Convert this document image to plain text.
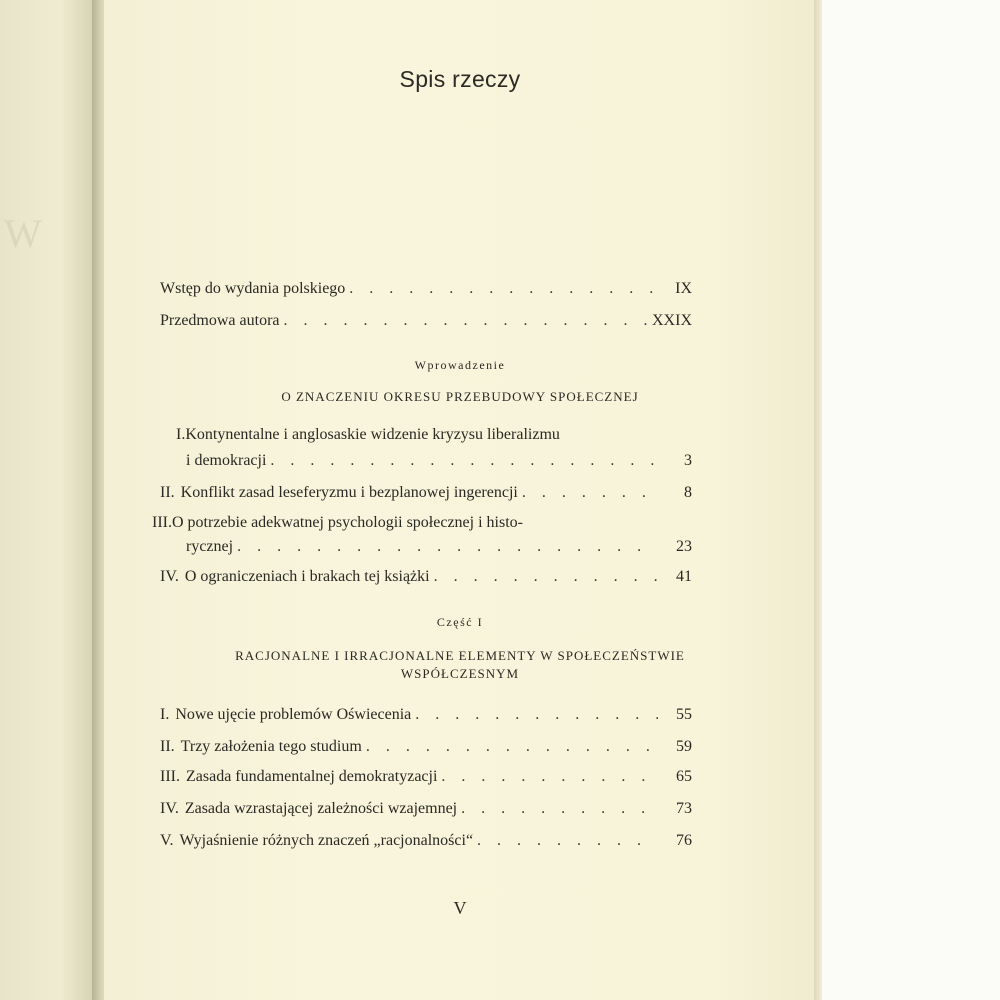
W
Spis rzeczy
Wstęp do wydania polskiego . . .	IX
Przedmowa autora . . .	XXIX
Wprowadzenie
O ZNACZENIU OKRESU PRZEBUDOWY SPOŁECZNEJ
I.Kontynentalne i anglosaskie widzenie kryzysu liberalizmu
i demokracji . . .	3
II. Konflikt zasad leseferyzmu i bezplanowej ingerencji . . .	8
III.O potrzebie adekwatnej psychologii społecznej i histo-
rycznej . . .	23
IV. O ograniczeniach i brakach tej książki . . .	41
Część I
RACJONALNE I IRRACJONALNE ELEMENTY W SPOŁECZEŃSTWIE
WSPÓŁCZESNYM
I. Nowe ujęcie problemów Oświecenia . . .	55
II. Trzy założenia tego studium . . .	59
III. Zasada fundamentalnej demokratyzacji . . .	65
IV. Zasada wzrastającej zależności wzajemnej . . .	73
V. Wyjaśnienie różnych znaczeń „racjonalności“ . . .	76
V
